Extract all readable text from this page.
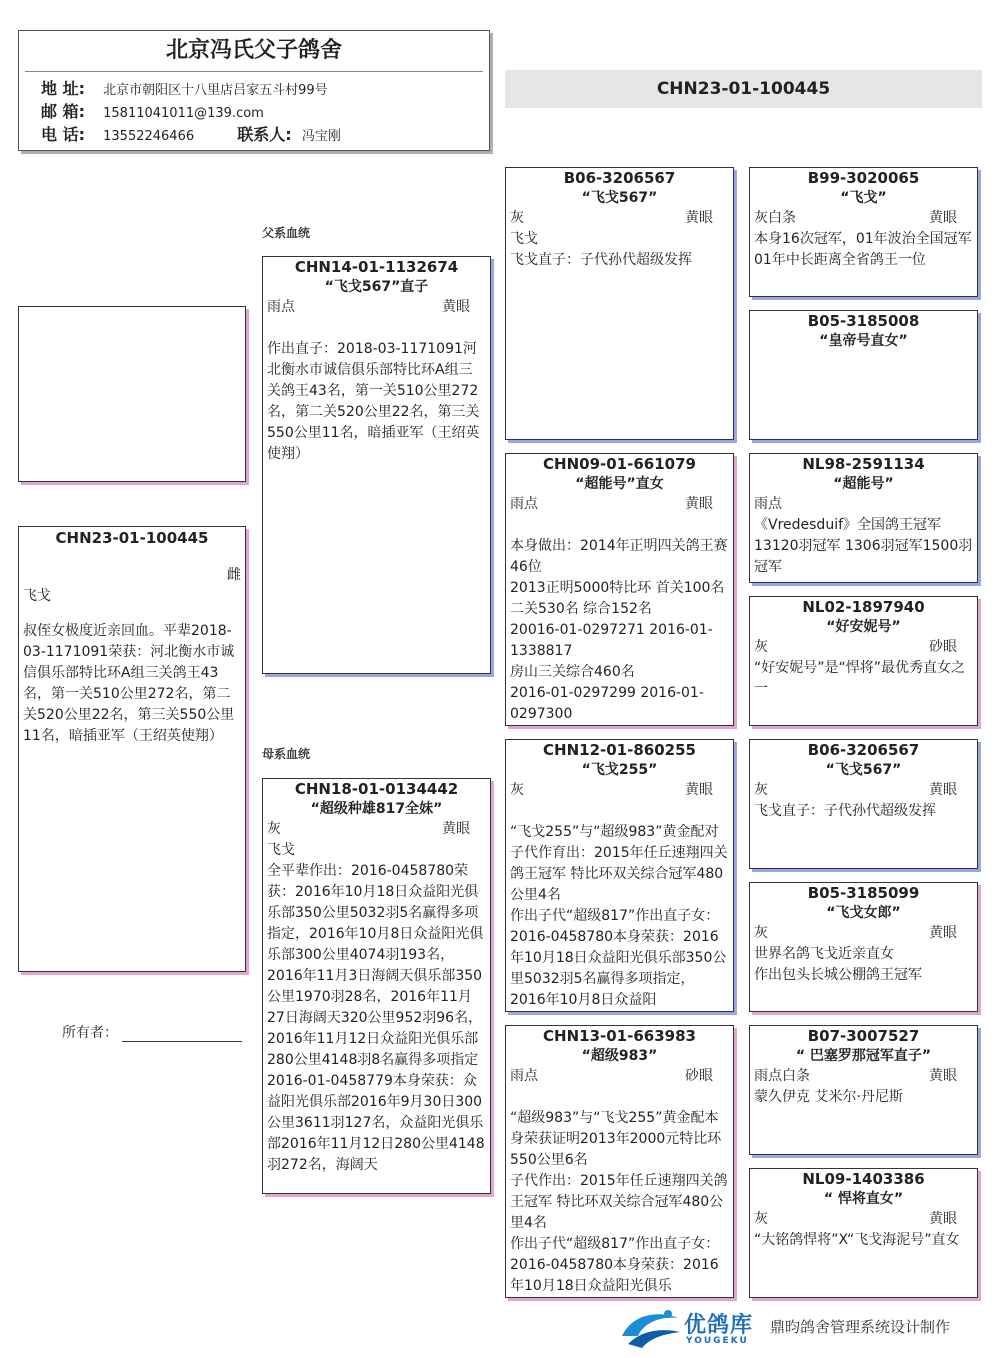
北京冯氏父子鸽舍
地 址: 北京市朝阳区十八里店吕家五斗村99号
邮 箱: 15811041011@139.com
电 话: 13552246466	联系人: 冯宝刚
CHN23-01-100445
CHN23-01-100445
雌
飞戈
叔侄女极度近亲回血。平辈2018-03-1171091荣获：河北衡水市诚信俱乐部特比环A组三关鸽王43名，第一关510公里272名，第二关520公里22名，第三关550公里11名，暗插亚军（王绍英使翔）
所有者：
父系血统
母系血统
CHN14-01-1132674
“飞戈567”直子
雨点	黄眼
作出直子：2018-03-1171091河北衡水市诚信俱乐部特比环A组三关鸽王43名，第一关510公里272名，第二关520公里22名，第三关550公里11名，暗插亚军（王绍英使翔）
CHN18-01-0134442
“超级种雄817全妹”
灰	黄眼
飞戈
全平辈作出：2016-0458780荣获：2016年10月18日众益阳光俱乐部350公里5032羽5名赢得多项指定，2016年10月8日众益阳光俱乐部300公里4074羽193名，2016年11月3日海阔天俱乐部350公里1970羽28名，2016年11月27日海阔天320公里952羽96名，2016年11月12日众益阳光俱乐部280公里4148羽8名赢得多项指定
2016-01-0458779本身荣获：众益阳光俱乐部2016年9月30日300公里3611羽127名，众益阳光俱乐部2016年11月12日280公里4148羽272名，海阔天
B06-3206567
“飞戈567”
灰	黄眼
飞戈
飞戈直子：子代孙代超级发挥
CHN09-01-661079
“超能号”直女
雨点	黄眼

本身做出：2014年正明四关鸽王赛46位
2013正明5000特比环 首关100名 二关530名 综合152名
20016-01-0297271 2016-01-1338817
房山三关综合460名
2016-01-0297299 2016-01-0297300
CHN12-01-860255
“飞戈255”
灰	黄眼

“飞戈255”与“超级983”黄金配对子代作育出：2015年任丘速翔四关鸽王冠军 特比环双关综合冠军480公里4名
作出子代“超级817”作出直子女：2016-0458780本身荣获：2016年10月18日众益阳光俱乐部350公里5032羽5名赢得多项指定，2016年10月8日众益阳
CHN13-01-663983
“超级983”
雨点	砂眼

“超级983”与“飞戈255”黄金配本身荣获证明2013年2000元特比环550公里6名
子代作出：2015年任丘速翔四关鸽王冠军 特比环双关综合冠军480公里4名
作出子代“超级817”作出直子女：2016-0458780本身荣获：2016年10月18日众益阳光俱乐
B99-3020065
“飞戈”
灰白条	黄眼
本身16次冠军，01年波治全国冠军
01年中长距离全省鸽王一位
B05-3185008
“皇帝号直女”
NL98-2591134
“超能号”
雨点
《Vredesduif》全国鸽王冠军13120羽冠军 1306羽冠军1500羽冠军
NL02-1897940
“好安妮号”
灰	砂眼
“好安妮号”是“悍将”最优秀直女之一
B06-3206567
“飞戈567”
灰	黄眼
飞戈直子：子代孙代超级发挥
B05-3185099
“飞戈女郎”
灰	黄眼
世界名鸽飞戈近亲直女
作出包头长城公棚鸽王冠军
B07-3007527
“ 巴塞罗那冠军直子”
雨点白条	黄眼
蒙久伊克 艾米尔·丹尼斯
NL09-1403386
“ 悍将直女”
灰	黄眼
“大铭鸽悍将”X“飞戈海泥号”直女
优鸽库
YOUGEKU
鼎昀鸽舍管理系统设计制作
